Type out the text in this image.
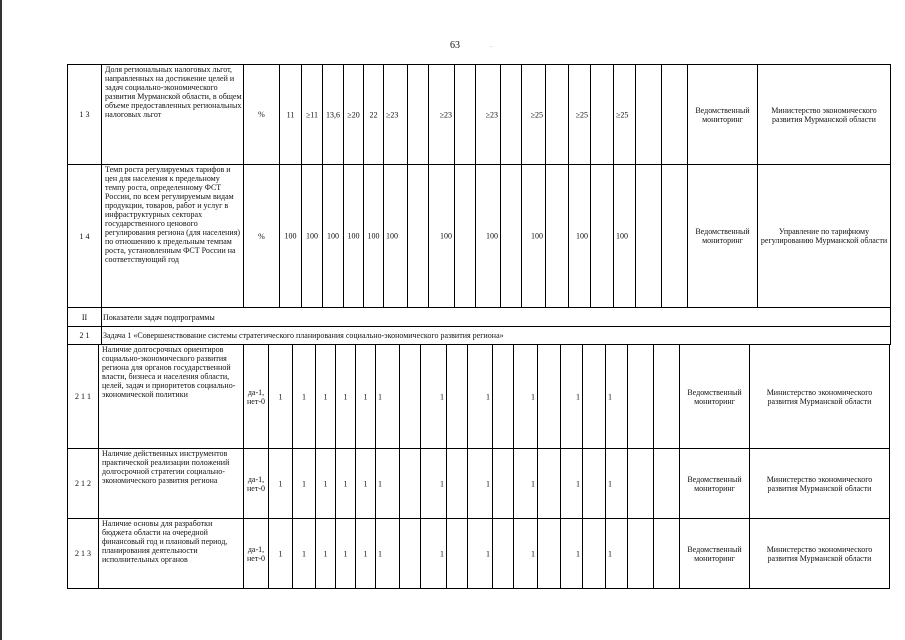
63	-
1 3	Доля региональных налоговых льгот, направленных на достижение целей и задач социально-экономического развития Мурманской области, в общем объеме предоставленных региональных налоговых льгот	%	11	≥11	13,6	≥20	22	≥23		≥23		≥23		≥25		≥25		≥25			Ведомственный мониторинг	Министерство экономического развития Мурманской области
1 4	Темп роста регулируемых тарифов и цен для населения к предельному темпу роста, определенному ФСТ России, по всем регулируемым видам продукции, товаров, работ и услуг в инфраструктурных секторах государственного ценового регулирования региона (для населения) по отношению к предельным темпам роста, установленным ФСТ России на соответствующий год	%	100	100	100	100	100	100		100		100		100		100		100			Ведомственный мониторинг	Управление по тарифному регулированию Мурманской области
II	Показатели задач подпрограммы
2 1	Задача 1 «Совершенствование системы стратегического планирования социально-экономического развития региона»
2 1 1	Наличие долгосрочных ориентиров социально-экономического развития региона для органов государственной власти, бизнеса и населения области, целей, задач и приоритетов социально-экономической политики	да-1, нет-0	1	1	1	1	1	1		1		1		1		1		1			Ведомственный мониторинг	Министерство экономического развития Мурманской области
2 1 2	Наличие действенных инструментов практической реализации положений долгосрочной стратегии социально-экономического развития региона	да-1, нет-0	1	1	1	1	1	1		1		1		1		1		1			Ведомственный мониторинг	Министерство экономического развития Мурманской области
2 1 3	Наличие основы для разработки бюджета области на очередной финансовый год и плановый период, планирования деятельности исполнительных органов	да-1, нет-0	1	1	1	1	1	1		1		1		1		1		1			Ведомственный мониторинг	Министерство экономического развития Мурманской области
